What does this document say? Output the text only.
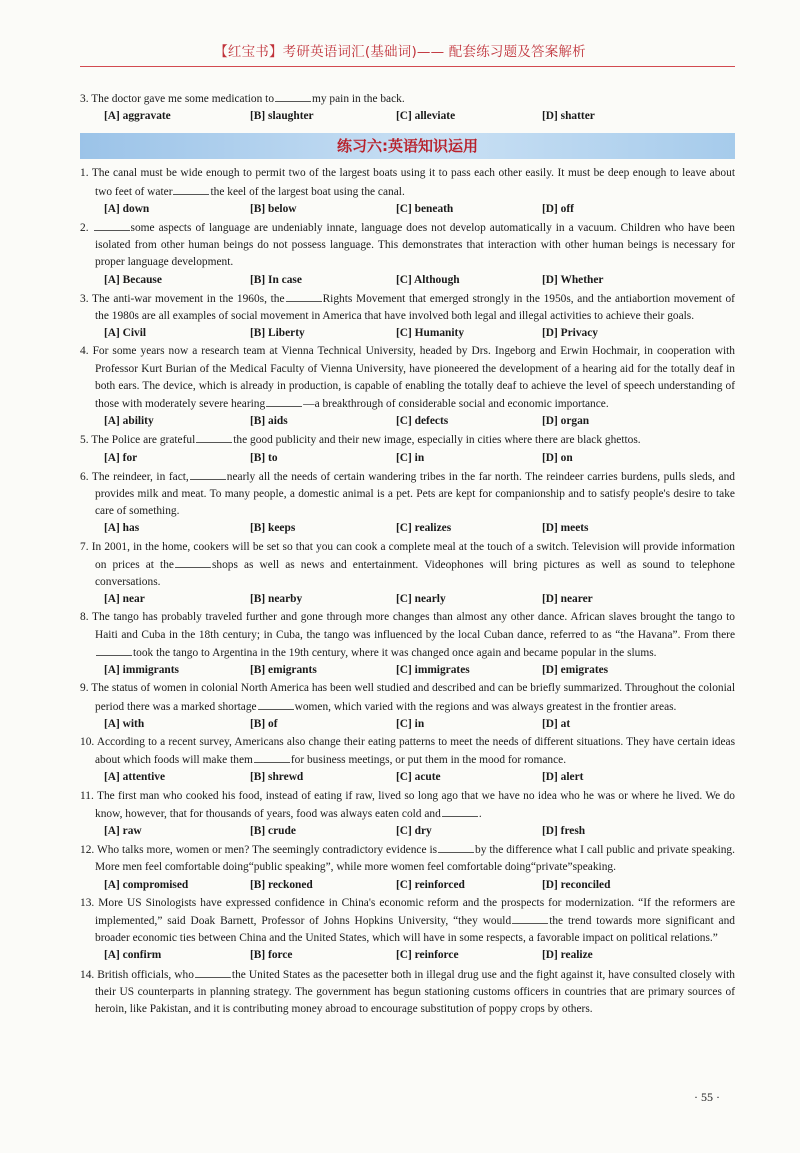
【红宝书】考研英语词汇(基础词)—— 配套练习题及答案解析

3. The doctor gave me some medication to	my pain in the back.

[A] aggravate	[B] slaughter	[C] alleviate	[D] shatter
练习六:英语知识运用

1. The canal must be wide enough to permit two of the largest boats using it to pass each other easily. It must be deep enough to leave about two feet of water	the keel of the largest boat using the canal.

[A] down	[B] below	[C] beneath	[D] off

2.	some aspects of language are undeniably innate, language does not develop automatically in a vacuum. Children who have been isolated from other human beings do not possess language. This demonstrates that interaction with other human beings is necessary for proper language development.

[A] Because	[B] In case	[C] Although	[D] Whether

3. The anti-war movement in the 1960s, the	Rights Movement that emerged strongly in the 1950s, and the antiabortion movement of the 1980s are all examples of social movement in America that have involved both legal and illegal activities to achieve their goals.

[A] Civil	[B] Liberty	[C] Humanity	[D] Privacy

4. For some years now a research team at Vienna Technical University, headed by Drs. Ingeborg and Erwin Hochmair, in cooperation with Professor Kurt Burian of the Medical Faculty of Vienna University, have pioneered the development of a hearing aid for the totally deaf in both ears. The device, which is already in production, is capable of enabling the totally deaf to achieve the level of speech understanding of those with moderately severe hearing	—a breakthrough of considerable social and economic importance.

[A] ability	[B] aids	[C] defects	[D] organ

5. The Police are grateful	the good publicity and their new image, especially in cities where there are black ghettos.

[A] for	[B] to	[C] in	[D] on

6. The reindeer, in fact,	nearly all the needs of certain wandering tribes in the far north. The reindeer carries burdens, pulls sleds, and provides milk and meat. To many people, a domestic animal is a pet. Pets are kept for companionship and to satisfy people's desire to take care of something.

[A] has	[B] keeps	[C] realizes	[D] meets

7. In 2001, in the home, cookers will be set so that you can cook a complete meal at the touch of a switch. Television will provide information on prices at the	shops as well as news and entertainment. Videophones will bring pictures as well as sound to telephone conversations.

[A] near	[B] nearby	[C] nearly	[D] nearer

8. The tango has probably traveled further and gone through more changes than almost any other dance. African slaves brought the tango to Haiti and Cuba in the 18th century; in Cuba, the tango was influenced by the local Cuban dance, referred to as “the Havana”. From theretook the tango to Argentina in the 19th century, where it was changed once again and became popular in the slums.

[A] immigrants	[B] emigrants	[C] immigrates	[D] emigrates

9. The status of women in colonial North America has been well studied and described and can be briefly summarized. Throughout the colonial period there was a marked shortage	women, which varied with the regions and was always greatest in the frontier areas.

[A] with	[B] of	[C] in	[D] at

10. According to a recent survey, Americans also change their eating patterns to meet the needs of different situations. They have certain ideas about which foods will make them	for business meetings, or put them in the mood for romance.

[A] attentive	[B] shrewd	[C] acute	[D] alert

11. The first man who cooked his food, instead of eating if raw, lived so long ago that we have no idea who he was or where he lived. We do know, however, that for thousands of years, food was always eaten cold and	.

[A] raw	[B] crude	[C] dry	[D] fresh

12. Who talks more, women or men? The seemingly contradictory evidence is	by the difference what I call public and private speaking. More men feel comfortable doing“public speaking”, while more women feel comfortable doing“private”speaking.

[A] compromised	[B] reckoned	[C] reinforced	[D] reconciled

13. More US Sinologists have expressed confidence in China's economic reform and the prospects for modernization. “If the reformers are implemented,” said Doak Barnett, Professor of Johns Hopkins University, “they would	the trend towards more significant and broader economic ties between China and the United States, which will have in some respects, a favorable impact on political relations.”

[A] confirm	[B] force	[C] reinforce	[D] realize

14. British officials, who	the United States as the pacesetter both in illegal drug use and the fight against it, have consulted closely with their US counterparts in planning strategy. The government has begun stationing customs officers in countries that are primary sources of heroin, like Pakistan, and it is contributing money abroad to encourage substitution of poppy crops by others.

· 55 ·
